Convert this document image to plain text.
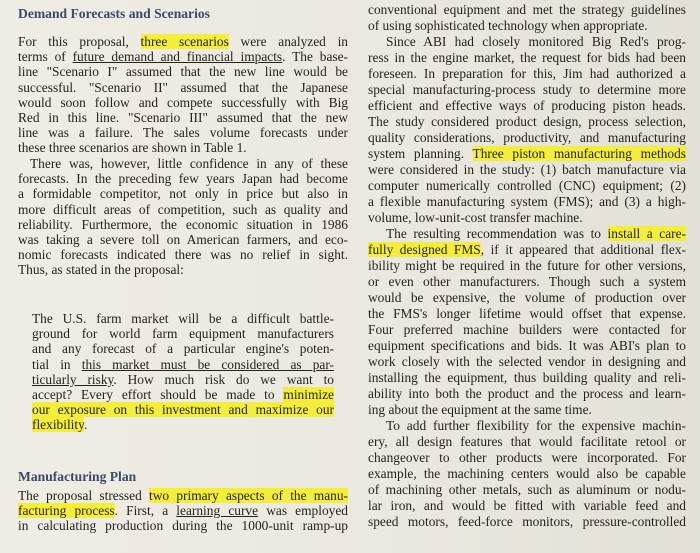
Demand Forecasts and Scenarios
For this proposal, three scenarios were analyzed in
terms of future demand and financial impacts. The base-
line "Scenario I" assumed that the new line would be
successful. "Scenario II" assumed that the Japanese
would soon follow and compete successfully with Big
Red in this line. "Scenario III" assumed that the new
line was a failure. The sales volume forecasts under
these three scenarios are shown in Table 1.
There was, however, little confidence in any of these
forecasts. In the preceding few years Japan had become
a formidable competitor, not only in price but also in
more difficult areas of competition, such as quality and
reliability. Furthermore, the economic situation in 1986
was taking a severe toll on American farmers, and eco-
nomic forecasts indicated there was no relief in sight.
Thus, as stated in the proposal:
The U.S. farm market will be a difficult battle-
ground for world farm equipment manufacturers
and any forecast of a particular engine's poten-
tial in this market must be considered as par-
ticularly risky. How much risk do we want to
accept? Every effort should be made to minimize
our exposure on this investment and maximize our
flexibility.
The proposal stressed two primary aspects of the manu-
facturing process. First, a learning curve was employed
in calculating production during the 1000-unit ramp-up
Manufacturing Plan
conventional equipment and met the strategy guidelines
of using sophisticated technology when appropriate.
Since ABI had closely monitored Big Red's prog-
ress in the engine market, the request for bids had been
foreseen. In preparation for this, Jim had authorized a
special manufacturing-process study to determine more
efficient and effective ways of producing piston heads.
The study considered product design, process selection,
quality considerations, productivity, and manufacturing
system planning. Three piston manufacturing methods
were considered in the study: (1) batch manufacture via
computer numerically controlled (CNC) equipment; (2)
a flexible manufacturing system (FMS); and (3) a high-
volume, low-unit-cost transfer machine.
The resulting recommendation was to install a care-
fully designed FMS, if it appeared that additional flex-
ibility might be required in the future for other versions,
or even other manufacturers. Though such a system
would be expensive, the volume of production over
the FMS's longer lifetime would offset that expense.
Four preferred machine builders were contacted for
equipment specifications and bids. It was ABI's plan to
work closely with the selected vendor in designing and
installing the equipment, thus building quality and reli-
ability into both the product and the process and learn-
ing about the equipment at the same time.
To add further flexibility for the expensive machin-
ery, all design features that would facilitate retool or
changeover to other products were incorporated. For
example, the machining centers would also be capable
of machining other metals, such as aluminum or nodu-
lar iron, and would be fitted with variable feed and
speed motors, feed-force monitors, pressure-controlled
